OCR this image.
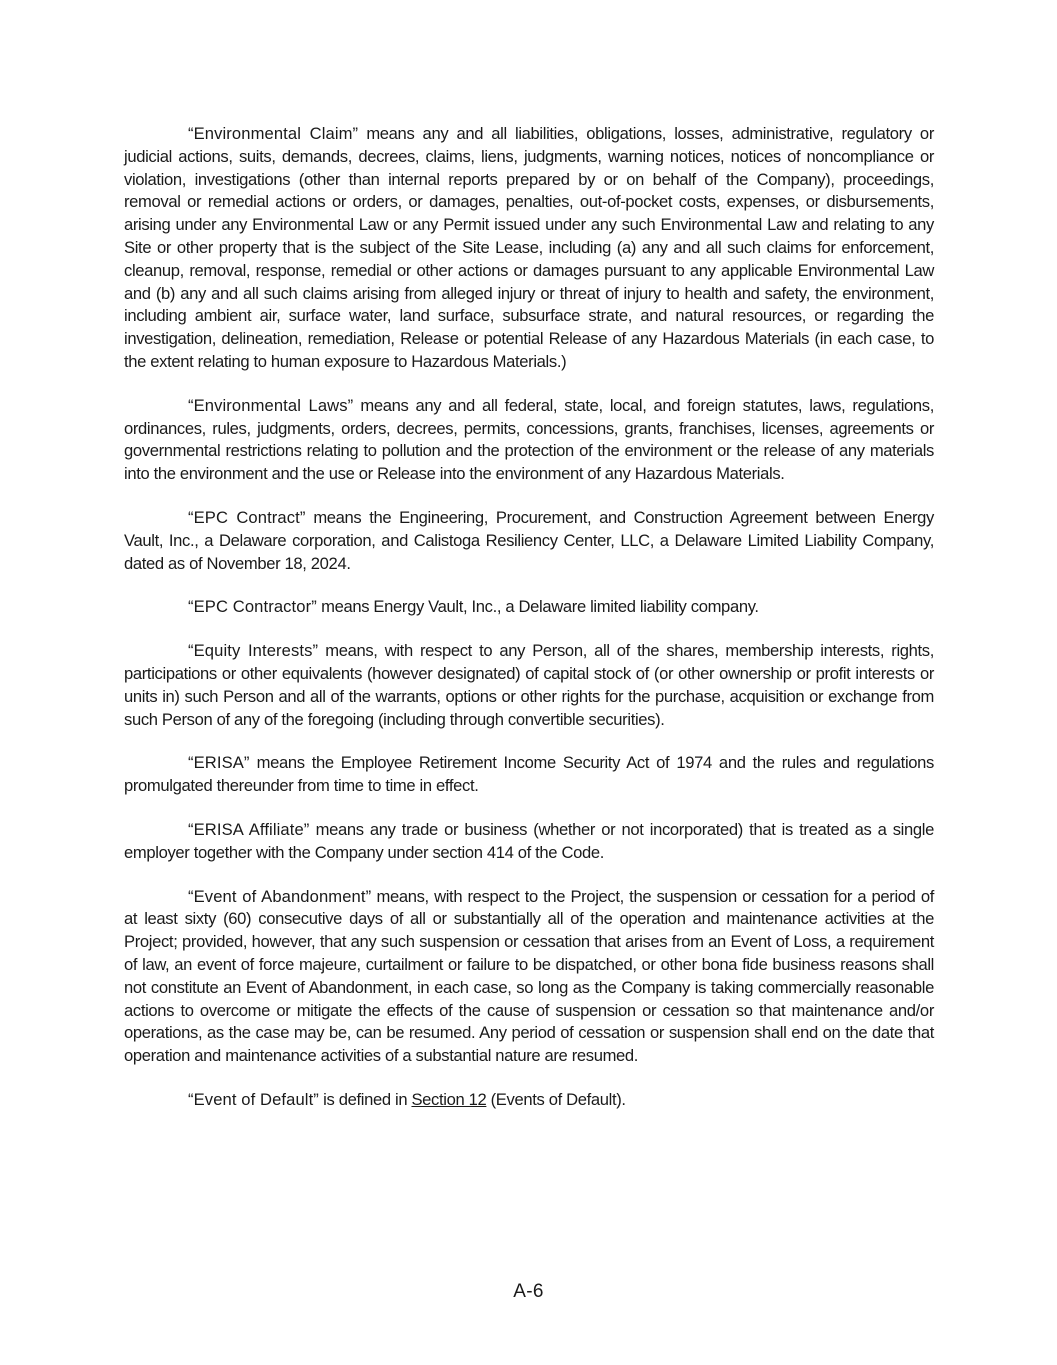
“Environmental Claim” means any and all liabilities, obligations, losses, administrative, regulatory or judicial actions, suits, demands, decrees, claims, liens, judgments, warning notices, notices of noncompliance or violation, investigations (other than internal reports prepared by or on behalf of the Company), proceedings, removal or remedial actions or orders, or damages, penalties, out-of-pocket costs, expenses, or disbursements, arising under any Environmental Law or any Permit issued under any such Environmental Law and relating to any Site or other property that is the subject of the Site Lease, including (a) any and all such claims for enforcement, cleanup, removal, response, remedial or other actions or damages pursuant to any applicable Environmental Law and (b) any and all such claims arising from alleged injury or threat of injury to health and safety, the environment, including ambient air, surface water, land surface, subsurface strate, and natural resources, or regarding the investigation, delineation, remediation, Release or potential Release of any Hazardous Materials (in each case, to the extent relating to human exposure to Hazardous Materials.)

“Environmental Laws” means any and all federal, state, local, and foreign statutes, laws, regulations, ordinances, rules, judgments, orders, decrees, permits, concessions, grants, franchises, licenses, agreements or governmental restrictions relating to pollution and the protection of the environment or the release of any materials into the environment and the use or Release into the environment of any Hazardous Materials.

“EPC Contract” means the Engineering, Procurement, and Construction Agreement between Energy Vault, Inc., a Delaware corporation, and Calistoga Resiliency Center, LLC, a Delaware Limited Liability Company, dated as of November 18, 2024.

“EPC Contractor” means Energy Vault, Inc., a Delaware limited liability company.

“Equity Interests” means, with respect to any Person, all of the shares, membership interests, rights, participations or other equivalents (however designated) of capital stock of (or other ownership or profit interests or units in) such Person and all of the warrants, options or other rights for the purchase, acquisition or exchange from such Person of any of the foregoing (including through convertible securities).

“ERISA” means the Employee Retirement Income Security Act of 1974 and the rules and regulations promulgated thereunder from time to time in effect.

“ERISA Affiliate” means any trade or business (whether or not incorporated) that is treated as a single employer together with the Company under section 414 of the Code.

“Event of Abandonment” means, with respect to the Project, the suspension or cessation for a period of at least sixty (60) consecutive days of all or substantially all of the operation and maintenance activities at the Project; provided, however, that any such suspension or cessation that arises from an Event of Loss, a requirement of law, an event of force majeure, curtailment or failure to be dispatched, or other bona fide business reasons shall not constitute an Event of Abandonment, in each case, so long as the Company is taking commercially reasonable actions to overcome or mitigate the effects of the cause of suspension or cessation so that maintenance and/or operations, as the case may be, can be resumed. Any period of cessation or suspension shall end on the date that operation and maintenance activities of a substantial nature are resumed.

“Event of Default” is defined in Section 12 (Events of Default).

A-6
